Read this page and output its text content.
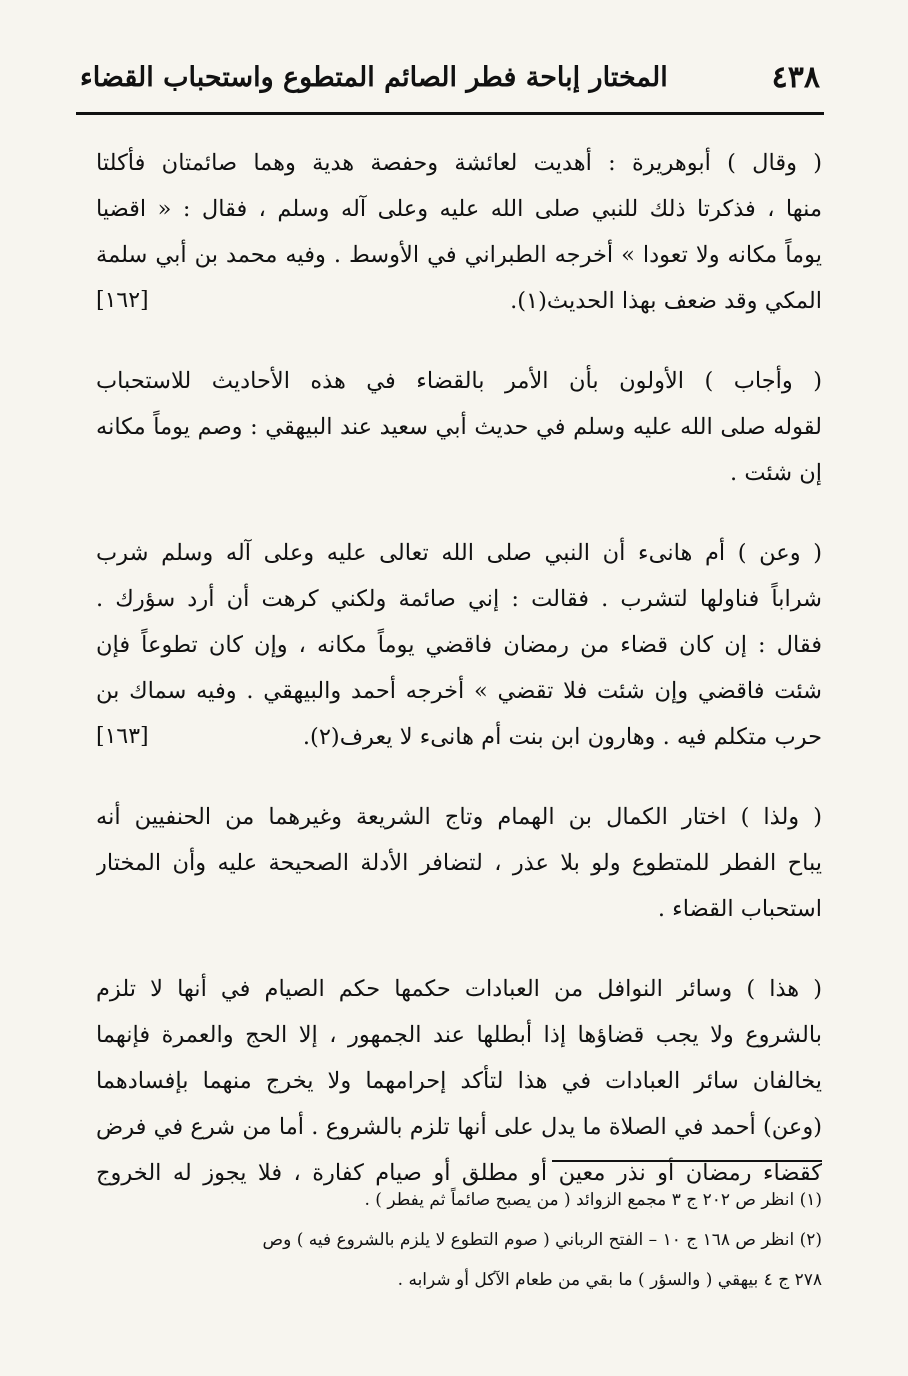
٤٣٨
المختار إباحة فطر الصائم المتطوع واستحباب القضاء
( وقال ) أبوهريرة : أهديت لعائشة وحفصة هدية وهما صائمتان فأكلتا
منها ، فذكرتا ذلك للنبي صلى الله عليه وعلى آله وسلم ، فقال : « اقضيا
يوماً مكانه ولا تعودا » أخرجه الطبراني في الأوسط . وفيه محمد بن أبي سلمة
المكي وقد ضعف بهذا الحديث(١).
[١٦٢]
( وأجاب ) الأولون بأن الأمر بالقضاء في هذه الأحاديث للاستحباب
لقوله صلى الله عليه وسلم في حديث أبي سعيد عند البيهقي : وصم يوماً مكانه
إن شئت .
( وعن ) أم هانىء أن النبي صلى الله تعالى عليه وعلى آله وسلم شرب
شراباً فناولها لتشرب . فقالت : إني صائمة ولكني كرهت أن أرد سؤرك .
فقال : إن كان قضاء من رمضان فاقضي يوماً مكانه ، وإن كان تطوعاً فإن
شئت فاقضي وإن شئت فلا تقضي » أخرجه أحمد والبيهقي . وفيه سماك بن
حرب متكلم فيه . وهارون ابن بنت أم هانىء لا يعرف(٢).
[١٦٣]
( ولذا ) اختار الكمال بن الهمام وتاج الشريعة وغيرهما من الحنفيين أنه
يباح الفطر للمتطوع ولو بلا عذر ، لتضافر الأدلة الصحيحة عليه وأن المختار
استحباب القضاء .
( هذا ) وسائر النوافل من العبادات حكمها حكم الصيام في أنها لا تلزم
بالشروع ولا يجب قضاؤها إذا أبطلها عند الجمهور ، إلا الحج والعمرة فإنهما
يخالفان سائر العبادات في هذا لتأكد إحرامهما ولا يخرج منهما بإفسادهما
(وعن) أحمد في الصلاة ما يدل على أنها تلزم بالشروع . أما من شرع في فرض
كقضاء رمضان أو نذر معين أو مطلق أو صيام كفارة ، فلا يجوز له الخروج
(١) انظر ص ٢٠٢ ج ٣ مجمع الزوائد ( من يصبح صائماً ثم يفطر ) .
(٢) انظر ص ١٦٨ ج ١٠ – الفتح الرباني ( صوم التطوع لا يلزم بالشروع فيه ) وص
٢٧٨ ج ٤ بيهقي ( والسؤر ) ما بقي من طعام الآكل أو شرابه .
